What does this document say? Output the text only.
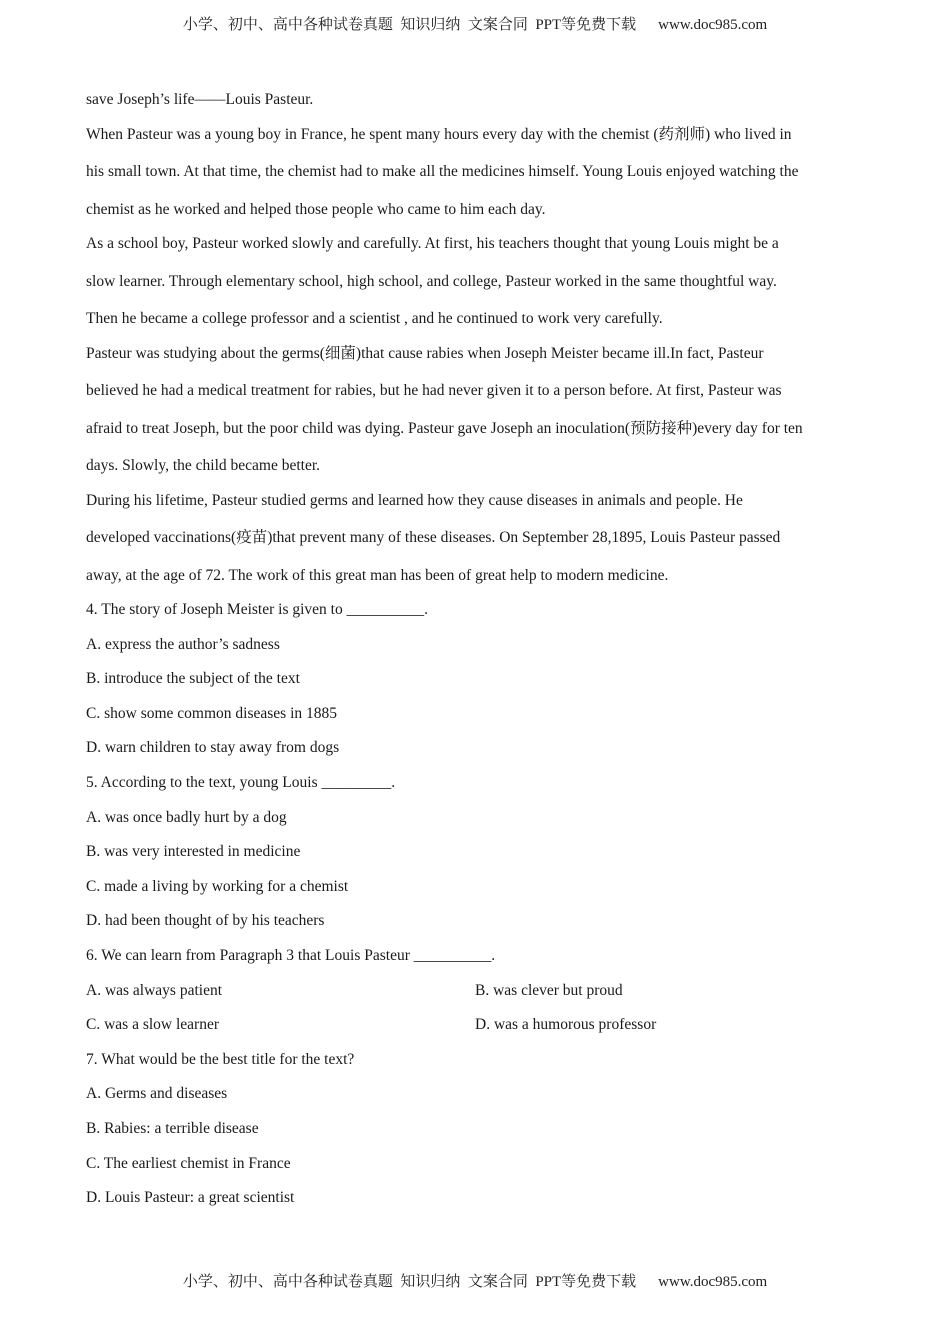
小学、初中、高中各种试卷真题  知识归纳  文案合同  PPT等免费下载 www.doc985.com
save Joseph’s life——Louis Pasteur.
When Pasteur was a young boy in France, he spent many hours every day with the chemist (药剂师) who lived in
his small town. At that time, the chemist had to make all the medicines himself. Young Louis enjoyed watching the
chemist as he worked and helped those people who came to him each day.
As a school boy, Pasteur worked slowly and carefully. At first, his teachers thought that young Louis might be a
slow learner. Through elementary school, high school, and college, Pasteur worked in the same thoughtful way.
Then he became a college professor and a scientist , and he continued to work very carefully.
Pasteur was studying about the germs(细菌)that cause rabies when Joseph Meister became ill.In fact, Pasteur
believed he had a medical treatment for rabies, but he had never given it to a person before. At first, Pasteur was
afraid to treat Joseph, but the poor child was dying. Pasteur gave Joseph an inoculation(预防接种)every day for ten
days. Slowly, the child became better.
During his lifetime, Pasteur studied germs and learned how they cause diseases in animals and people. He
developed vaccinations(疫苗)that prevent many of these diseases. On September 28,1895, Louis Pasteur passed
away, at the age of 72. The work of this great man has been of great help to modern medicine.
4. The story of Joseph Meister is given to __________.
A. express the author’s sadness
B. introduce the subject of the text
C. show some common diseases in 1885
D. warn children to stay away from dogs
5. According to the text, young Louis _________.
A. was once badly hurt by a dog
B. was very interested in medicine
C. made a living by working for a chemist
D. had been thought of by his teachers
6. We can learn from Paragraph 3 that Louis Pasteur __________.
A. was always patient	B. was clever but proud
C. was a slow learner	D. was a humorous professor
7. What would be the best title for the text?
A. Germs and diseases
B. Rabies: a terrible disease
C. The earliest chemist in France
D. Louis Pasteur: a great scientist
小学、初中、高中各种试卷真题  知识归纳  文案合同  PPT等免费下载 www.doc985.com
